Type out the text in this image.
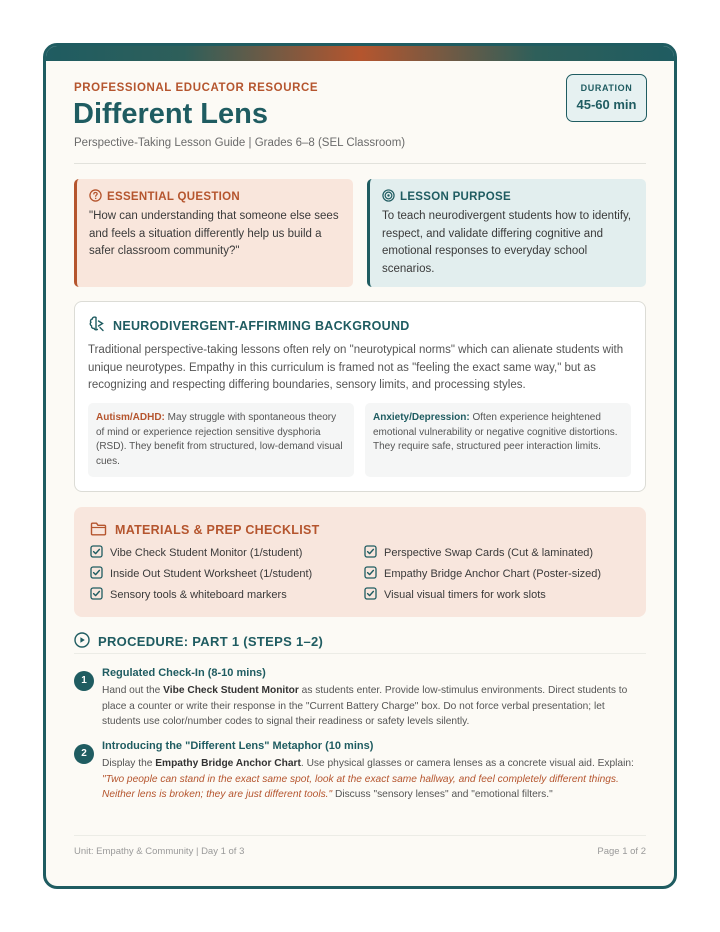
PROFESSIONAL EDUCATOR RESOURCE
Different Lens
Perspective-Taking Lesson Guide | Grades 6–8 (SEL Classroom)
DURATION
45-60 min
ESSENTIAL QUESTION
"How can understanding that someone else sees and feels a situation differently help us build a safer classroom community?"
LESSON PURPOSE
To teach neurodivergent students how to identify, respect, and validate differing cognitive and emotional responses to everyday school scenarios.
NEURODIVERGENT-AFFIRMING BACKGROUND
Traditional perspective-taking lessons often rely on "neurotypical norms" which can alienate students with unique neurotypes. Empathy in this curriculum is framed not as "feeling the exact same way," but as recognizing and respecting differing boundaries, sensory limits, and processing styles.
Autism/ADHD: May struggle with spontaneous theory of mind or experience rejection sensitive dysphoria (RSD). They benefit from structured, low-demand visual cues.
Anxiety/Depression: Often experience heightened emotional vulnerability or negative cognitive distortions. They require safe, structured peer interaction limits.
MATERIALS & PREP CHECKLIST
Vibe Check Student Monitor (1/student)	Perspective Swap Cards (Cut & laminated)
Inside Out Student Worksheet (1/student)	Empathy Bridge Anchor Chart (Poster-sized)
Sensory tools & whiteboard markers	Visual visual timers for work slots
PROCEDURE: PART 1 (STEPS 1–2)
1
Regulated Check-In (8-10 mins)
Hand out the Vibe Check Student Monitor as students enter. Provide low-stimulus environments. Direct students to place a counter or write their response in the "Current Battery Charge" box. Do not force verbal presentation; let students use color/number codes to signal their readiness or safety levels silently.
2
Introducing the "Different Lens" Metaphor (10 mins)
Display the Empathy Bridge Anchor Chart. Use physical glasses or camera lenses as a concrete visual aid. Explain: "Two people can stand in the exact same spot, look at the exact same hallway, and feel completely different things. Neither lens is broken; they are just different tools." Discuss "sensory lenses" and "emotional filters."
Unit: Empathy & Community | Day 1 of 3	Page 1 of 2
